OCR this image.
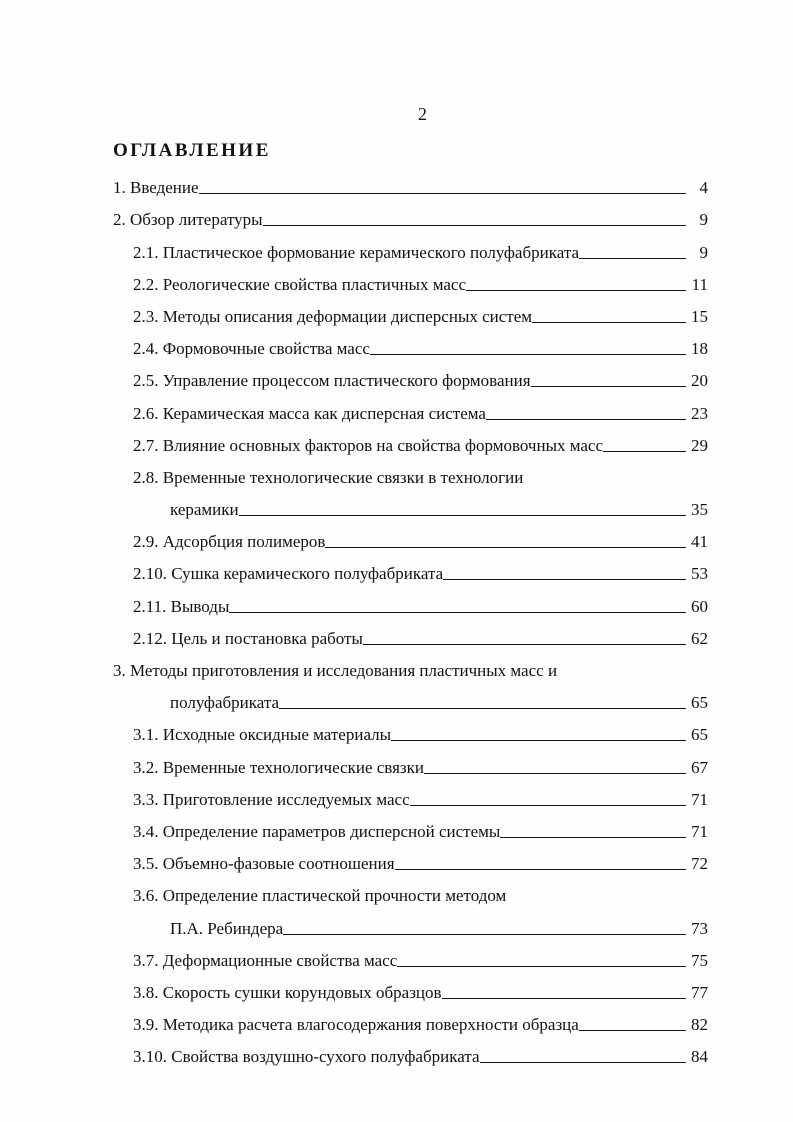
2
ОГЛАВЛЕНИЕ
1. Введение	4
2. Обзор литературы	9
2.1. Пластическое формование керамического полуфабриката	9
2.2. Реологические свойства пластичных масс	11
2.3. Методы описания деформации дисперсных систем	15
2.4. Формовочные свойства масс	18
2.5. Управление процессом пластического формования	20
2.6. Керамическая масса как дисперсная система	23
2.7. Влияние основных факторов на свойства формовочных масс	29
2.8. Временные технологические связки в технологии
керамики	35
2.9. Адсорбция полимеров	41
2.10. Сушка керамического полуфабриката	53
2.11. Выводы	60
2.12. Цель и постановка работы	62
3. Методы приготовления и исследования пластичных масс и
полуфабриката	65
3.1. Исходные оксидные материалы	65
3.2. Временные технологические связки	67
3.3. Приготовление исследуемых масс	71
3.4. Определение параметров дисперсной системы	71
3.5. Объемно-фазовые соотношения	72
3.6. Определение пластической прочности методом
П.А. Ребиндера	73
3.7. Деформационные свойства масс	75
3.8. Скорость сушки корундовых образцов	77
3.9. Методика расчета влагосодержания поверхности образца	82
3.10. Свойства воздушно-сухого полуфабриката	84
